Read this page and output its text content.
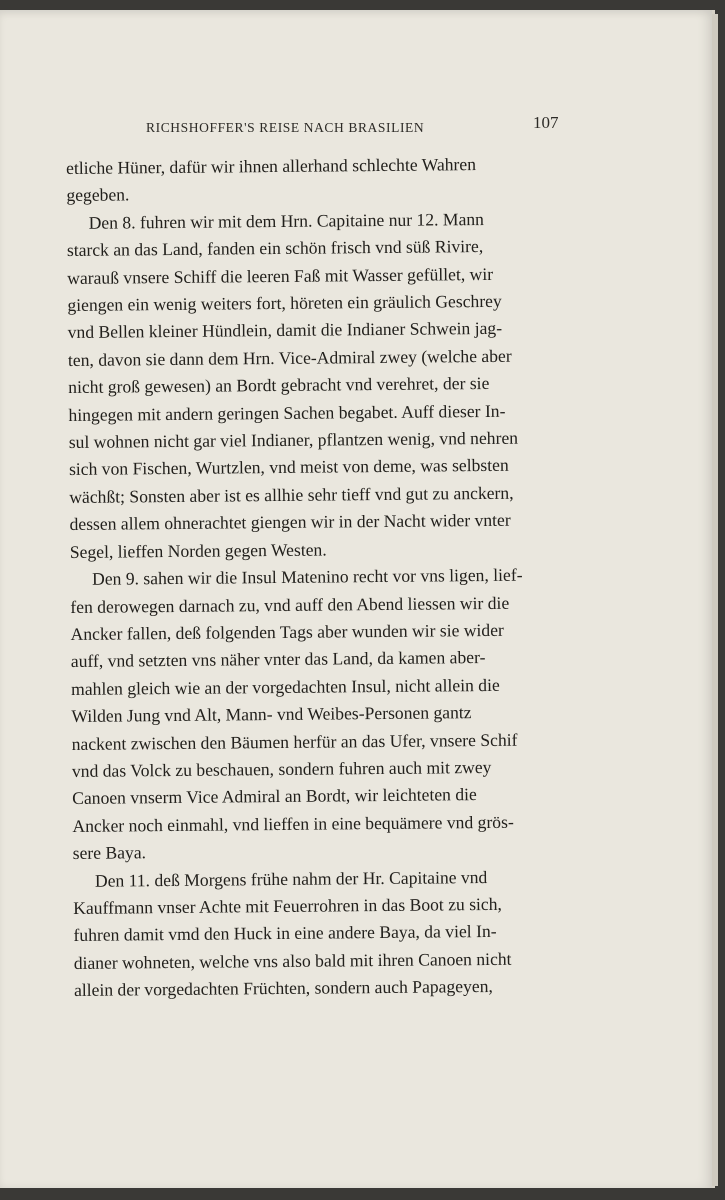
RICHSHOFFER'S REISE NACH BRASILIEN	107
etliche Hüner, dafür wir ihnen allerhand schlechte Wahren
gegeben.
Den 8. fuhren wir mit dem Hrn. Capitaine nur 12. Mann
starck an das Land, fanden ein schön frisch vnd süß Rivire,
warauß vnsere Schiff die leeren Faß mit Wasser gefüllet, wir
giengen ein wenig weiters fort, höreten ein gräulich Geschrey
vnd Bellen kleiner Hündlein, damit die Indianer Schwein jag-
ten, davon sie dann dem Hrn. Vice-Admiral zwey (welche aber
nicht groß gewesen) an Bordt gebracht vnd verehret, der sie
hingegen mit andern geringen Sachen begabet. Auff dieser In-
sul wohnen nicht gar viel Indianer, pflantzen wenig, vnd nehren
sich von Fischen, Wurtzlen, vnd meist von deme, was selbsten
wächßt; Sonsten aber ist es allhie sehr tieff vnd gut zu anckern,
dessen allem ohnerachtet giengen wir in der Nacht wider vnter
Segel, lieffen Norden gegen Westen.
Den 9. sahen wir die Insul Matenino recht vor vns ligen, lief-
fen derowegen darnach zu, vnd auff den Abend liessen wir die
Ancker fallen, deß folgenden Tags aber wunden wir sie wider
auff, vnd setzten vns näher vnter das Land, da kamen aber-
mahlen gleich wie an der vorgedachten Insul, nicht allein die
Wilden Jung vnd Alt, Mann- vnd Weibes-Personen gantz
nackent zwischen den Bäumen herfür an das Ufer, vnsere Schif
vnd das Volck zu beschauen, sondern fuhren auch mit zwey
Canoen vnserm Vice Admiral an Bordt, wir leichteten die
Ancker noch einmahl, vnd lieffen in eine bequämere vnd grös-
sere Baya.
Den 11. deß Morgens frühe nahm der Hr. Capitaine vnd
Kauffmann vnser Achte mit Feuerrohren in das Boot zu sich,
fuhren damit vmd den Huck in eine andere Baya, da viel In-
dianer wohneten, welche vns also bald mit ihren Canoen nicht
allein der vorgedachten Früchten, sondern auch Papageyen,
